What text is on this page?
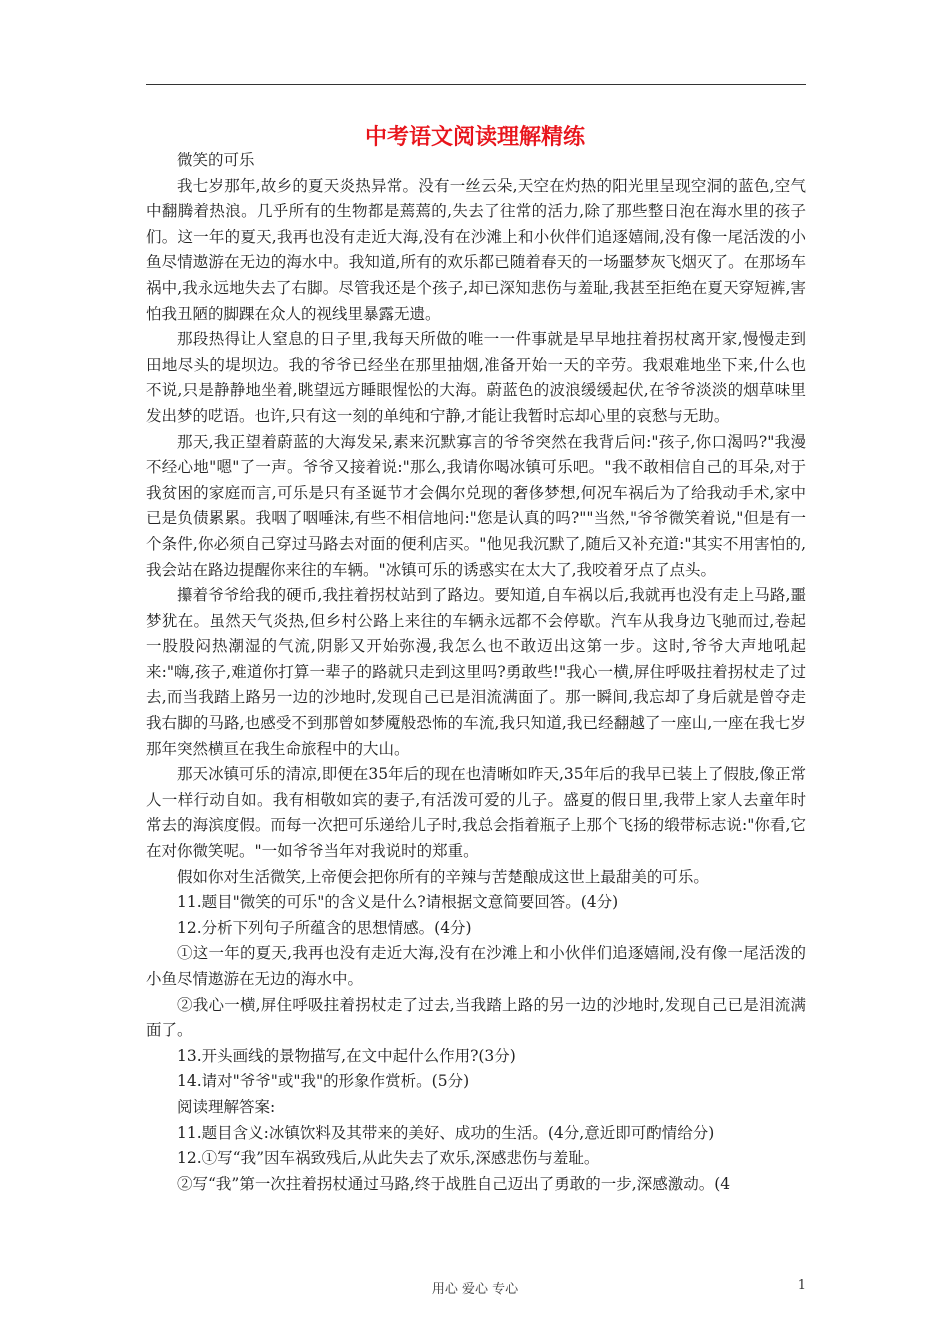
中考语文阅读理解精练

微笑的可乐

我七岁那年,故乡的夏天炎热异常。没有一丝云朵,天空在灼热的阳光里呈现空洞的蓝色,空气中翻腾着热浪。几乎所有的生物都是蔫蔫的,失去了往常的活力,除了那些整日泡在海水里的孩子们。这一年的夏天,我再也没有走近大海,没有在沙滩上和小伙伴们追逐嬉闹,没有像一尾活泼的小鱼尽情遨游在无边的海水中。我知道,所有的欢乐都已随着春天的一场噩梦灰飞烟灭了。在那场车祸中,我永远地失去了右脚。尽管我还是个孩子,却已深知悲伤与羞耻,我甚至拒绝在夏天穿短裤,害怕我丑陋的脚踝在众人的视线里暴露无遗。

那段热得让人窒息的日子里,我每天所做的唯一一件事就是早早地拄着拐杖离开家,慢慢走到田地尽头的堤坝边。我的爷爷已经坐在那里抽烟,准备开始一天的辛劳。我艰难地坐下来,什么也不说,只是静静地坐着,眺望远方睡眼惺忪的大海。蔚蓝色的波浪缓缓起伏,在爷爷淡淡的烟草味里发出梦的呓语。也许,只有这一刻的单纯和宁静,才能让我暂时忘却心里的哀愁与无助。

那天,我正望着蔚蓝的大海发呆,素来沉默寡言的爷爷突然在我背后问:"孩子,你口渴吗?"我漫不经心地"嗯"了一声。爷爷又接着说:"那么,我请你喝冰镇可乐吧。"我不敢相信自己的耳朵,对于我贫困的家庭而言,可乐是只有圣诞节才会偶尔兑现的奢侈梦想,何况车祸后为了给我动手术,家中已是负债累累。我咽了咽唾沫,有些不相信地问:"您是认真的吗?""当然,"爷爷微笑着说,"但是有一个条件,你必须自己穿过马路去对面的便利店买。"他见我沉默了,随后又补充道:"其实不用害怕的,我会站在路边提醒你来往的车辆。"冰镇可乐的诱惑实在太大了,我咬着牙点了点头。

攥着爷爷给我的硬币,我拄着拐杖站到了路边。要知道,自车祸以后,我就再也没有走上马路,噩梦犹在。虽然天气炎热,但乡村公路上来往的车辆永远都不会停歇。汽车从我身边飞驰而过,卷起一股股闷热潮湿的气流,阴影又开始弥漫,我怎么也不敢迈出这第一步。这时,爷爷大声地吼起来:"嗨,孩子,难道你打算一辈子的路就只走到这里吗?勇敢些!"我心一横,屏住呼吸拄着拐杖走了过去,而当我踏上路另一边的沙地时,发现自己已是泪流满面了。那一瞬间,我忘却了身后就是曾夺走我右脚的马路,也感受不到那曾如梦魇般恐怖的车流,我只知道,我已经翻越了一座山,一座在我七岁那年突然横亘在我生命旅程中的大山。

那天冰镇可乐的清凉,即便在35年后的现在也清晰如昨天,35年后的我早已装上了假肢,像正常人一样行动自如。我有相敬如宾的妻子,有活泼可爱的儿子。盛夏的假日里,我带上家人去童年时常去的海滨度假。而每一次把可乐递给儿子时,我总会指着瓶子上那个飞扬的缎带标志说:"你看,它在对你微笑呢。"一如爷爷当年对我说时的郑重。

假如你对生活微笑,上帝便会把你所有的辛辣与苦楚酿成这世上最甜美的可乐。

11.题目"微笑的可乐"的含义是什么?请根据文意简要回答。(4分)

12.分析下列句子所蕴含的思想情感。(4分)

①这一年的夏天,我再也没有走近大海,没有在沙滩上和小伙伴们追逐嬉闹,没有像一尾活泼的小鱼尽情遨游在无边的海水中。

②我心一横,屏住呼吸拄着拐杖走了过去,当我踏上路的另一边的沙地时,发现自己已是泪流满面了。

13.开头画线的景物描写,在文中起什么作用?(3分)

14.请对"爷爷"或"我"的形象作赏析。(5分)

阅读理解答案:

11.题目含义:冰镇饮料及其带来的美好、成功的生活。(4分,意近即可酌情给分)

12.①写“我”因车祸致残后,从此失去了欢乐,深感悲伤与羞耻。

②写“我”第一次拄着拐杖通过马路,终于战胜自己迈出了勇敢的一步,深感激动。(4

用心 爱心 专心	1
